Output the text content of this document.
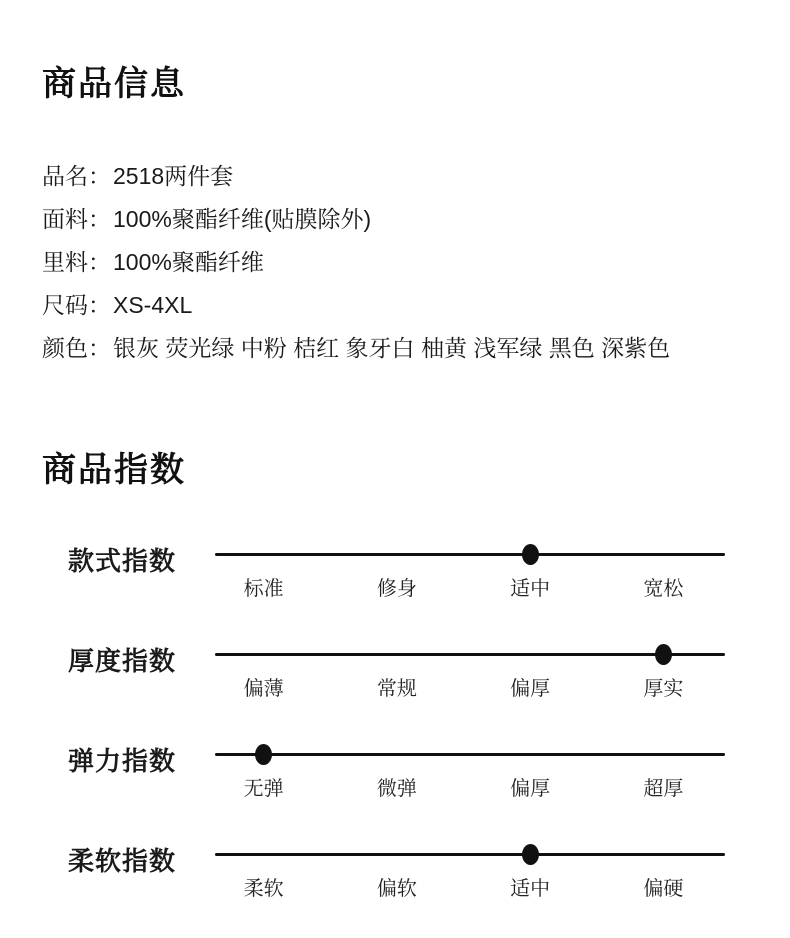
商品信息
品名： 2518两件套
面料： 100%聚酯纤维(贴膜除外)
里料： 100%聚酯纤维
尺码： XS-4XL
颜色： 银灰 荧光绿 中粉 桔红 象牙白 柚黄 浅军绿 黑色 深紫色
商品指数
款式指数
标准	修身	适中	宽松
厚度指数
偏薄	常规	偏厚	厚实
弹力指数
无弹	微弹	偏厚	超厚
柔软指数
柔软	偏软	适中	偏硬
